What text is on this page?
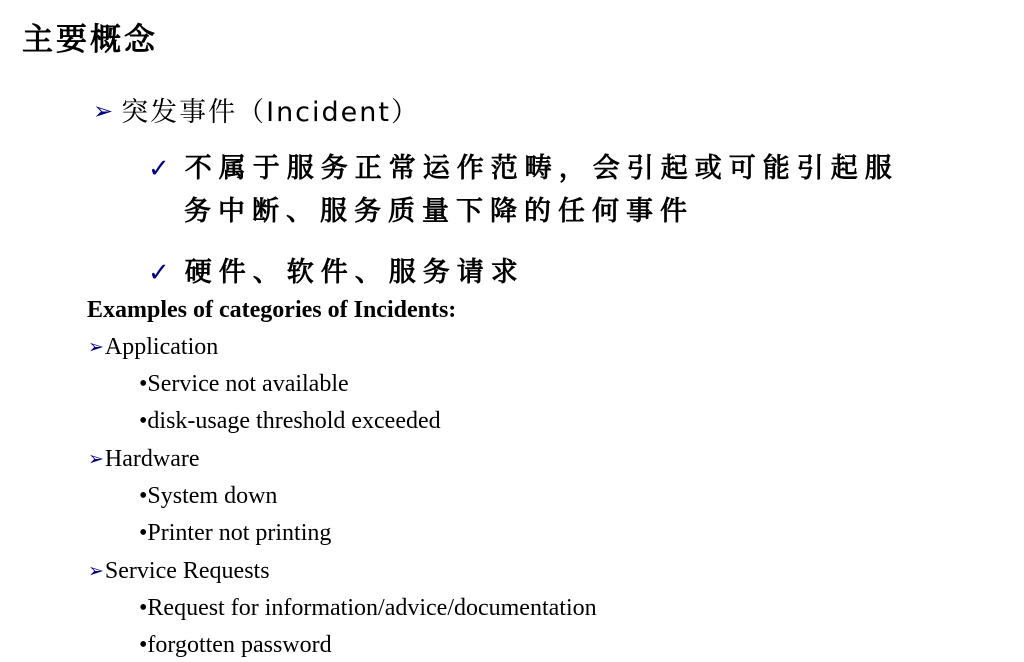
主要概念
➢ 突发事件（Incident）
✓ 不属于服务正常运作范畴，会引起或可能引起服
务中断、服务质量下降的任何事件
✓ 硬件、软件、服务请求
Examples of categories of Incidents:
➢Application
•Service not available
•disk-usage threshold exceeded
➢Hardware
•System down
•Printer not printing
➢Service Requests
•Request for information/advice/documentation
•forgotten password
